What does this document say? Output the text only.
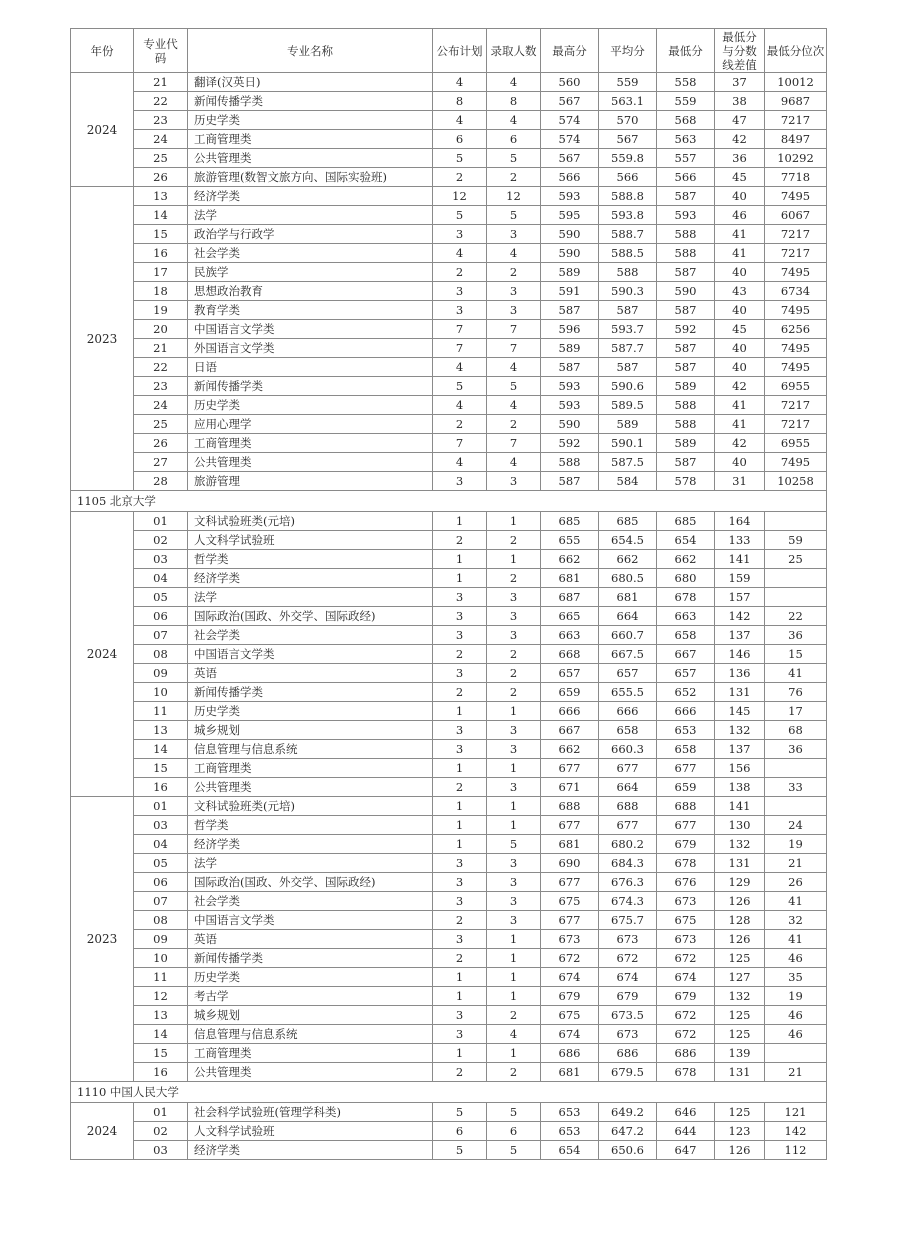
年份	专业代码	专业名称	公布计划	录取人数	最高分	平均分	最低分	最低分与分数线差值	最低分位次
2024	21	翻译(汉英日)	4	4	560	559	558	37	10012
	22	新闻传播学类	8	8	567	563.1	559	38	9687
	23	历史学类	4	4	574	570	568	47	7217
	24	工商管理类	6	6	574	567	563	42	8497
	25	公共管理类	5	5	567	559.8	557	36	10292
	26	旅游管理(数智文旅方向、国际实验班)	2	2	566	566	566	45	7718
2023	13	经济学类	12	12	593	588.8	587	40	7495
	14	法学	5	5	595	593.8	593	46	6067
	15	政治学与行政学	3	3	590	588.7	588	41	7217
	16	社会学类	4	4	590	588.5	588	41	7217
	17	民族学	2	2	589	588	587	40	7495
	18	思想政治教育	3	3	591	590.3	590	43	6734
	19	教育学类	3	3	587	587	587	40	7495
	20	中国语言文学类	7	7	596	593.7	592	45	6256
	21	外国语言文学类	7	7	589	587.7	587	40	7495
	22	日语	4	4	587	587	587	40	7495
	23	新闻传播学类	5	5	593	590.6	589	42	6955
	24	历史学类	4	4	593	589.5	588	41	7217
	25	应用心理学	2	2	590	589	588	41	7217
	26	工商管理类	7	7	592	590.1	589	42	6955
	27	公共管理类	4	4	588	587.5	587	40	7495
	28	旅游管理	3	3	587	584	578	31	10258
1105 北京大学									
2024	01	文科试验班类(元培)	1	1	685	685	685	164	
	02	人文科学试验班	2	2	655	654.5	654	133	59
	03	哲学类	1	1	662	662	662	141	25
	04	经济学类	1	2	681	680.5	680	159	
	05	法学	3	3	687	681	678	157	
	06	国际政治(国政、外交学、国际政经)	3	3	665	664	663	142	22
	07	社会学类	3	3	663	660.7	658	137	36
	08	中国语言文学类	2	2	668	667.5	667	146	15
	09	英语	3	2	657	657	657	136	41
	10	新闻传播学类	2	2	659	655.5	652	131	76
	11	历史学类	1	1	666	666	666	145	17
	13	城乡规划	3	3	667	658	653	132	68
	14	信息管理与信息系统	3	3	662	660.3	658	137	36
	15	工商管理类	1	1	677	677	677	156	
	16	公共管理类	2	3	671	664	659	138	33
2023	01	文科试验班类(元培)	1	1	688	688	688	141	
	03	哲学类	1	1	677	677	677	130	24
	04	经济学类	1	5	681	680.2	679	132	19
	05	法学	3	3	690	684.3	678	131	21
	06	国际政治(国政、外交学、国际政经)	3	3	677	676.3	676	129	26
	07	社会学类	3	3	675	674.3	673	126	41
	08	中国语言文学类	2	3	677	675.7	675	128	32
	09	英语	3	1	673	673	673	126	41
	10	新闻传播学类	2	1	672	672	672	125	46
	11	历史学类	1	1	674	674	674	127	35
	12	考古学	1	1	679	679	679	132	19
	13	城乡规划	3	2	675	673.5	672	125	46
	14	信息管理与信息系统	3	4	674	673	672	125	46
	15	工商管理类	1	1	686	686	686	139	
	16	公共管理类	2	2	681	679.5	678	131	21
1110 中国人民大学									
2024	01	社会科学试验班(管理学科类)	5	5	653	649.2	646	125	121
	02	人文科学试验班	6	6	653	647.2	644	123	142
	03	经济学类	5	5	654	650.6	647	126	112
